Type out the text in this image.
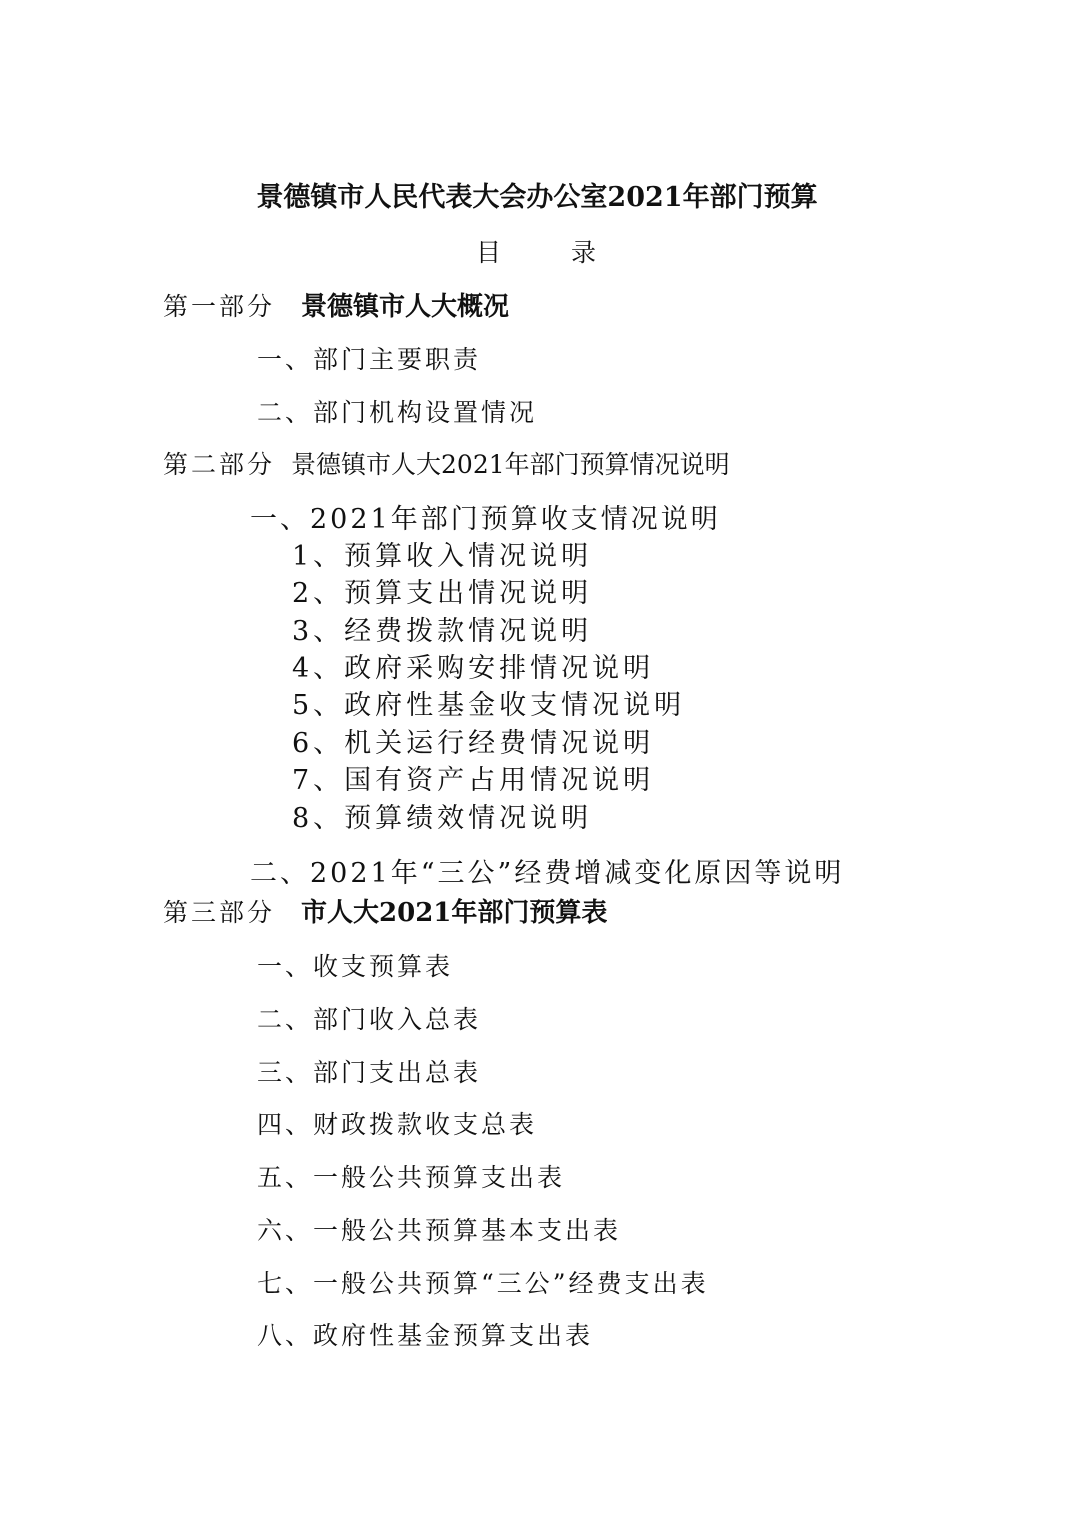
景德镇市人民代表大会办公室2021年部门预算
目	录
第一部分 景德镇市人大概况
一、部门主要职责
二、部门机构设置情况
第二部分 景德镇市人大2021年部门预算情况说明
一、2021年部门预算收支情况说明
1、预算收入情况说明
2、预算支出情况说明
3、经费拨款情况说明
4、政府采购安排情况说明
5、政府性基金收支情况说明
6、机关运行经费情况说明
7、国有资产占用情况说明
8、预算绩效情况说明
二、2021年“三公”经费增减变化原因等说明
第三部分 市人大2021年部门预算表
一、收支预算表
二、部门收入总表
三、部门支出总表
四、财政拨款收支总表
五、一般公共预算支出表
六、一般公共预算基本支出表
七、一般公共预算“三公”经费支出表
八、政府性基金预算支出表
